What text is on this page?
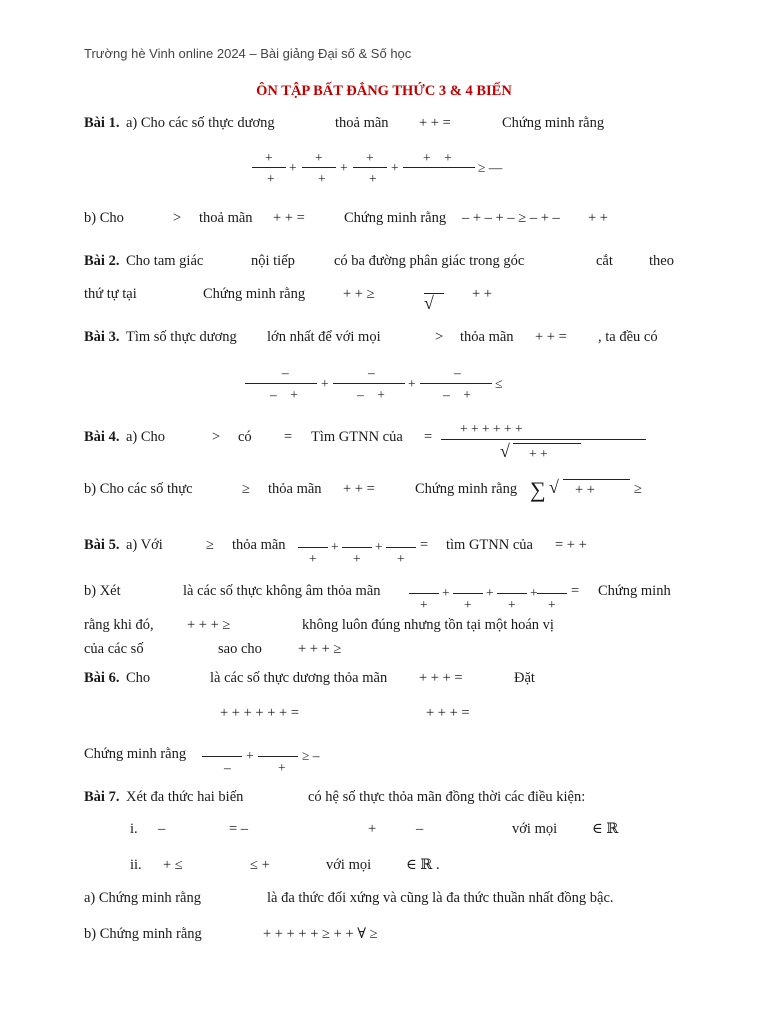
Trường hè Vinh online 2024 – Bài giảng Đại số & Số học
ÔN TẬP BẤT ĐẲNG THỨC 3 & 4 BIẾN
Bài 1. a) Cho các số thực dương	thoả mãn + + =	Chứng minh rằng
+
+
+
+
+
+
+
+
+
+    +
≥ —
b) Cho	> thoả mãn + + =	Chứng minh rằng – + – + – ≥ – + – + +
Bài 2. Cho tam giác	nội tiếp	có ba đường phân giác trong góc	cắt theo
thứ tự tại	Chứng minh rằng	+ + ≥	√	+ +
Bài 3. Tìm số thực dương lớn nhất để với mọi	> thỏa mãn + + = , ta đều có
–
–    +
+
–
–    +
+
–
–    +
≤
Bài 4. a) Cho	> có = Tìm GTNN của =
+ + + + + +
√ + +
b) Cho các số thực	≥ thỏa mãn + + =	Chứng minh rằng ∑ √ + +	≥
Bài 5. a) Với	≥ thỏa mãn
+
+
+
+
+
= tìm GTNN của = + +
b) Xét	là các số thực không âm thỏa mãn
+
+
+
+
+
+
+
= Chứng minh
rằng khi đó, + + + ≥	không luôn đúng nhưng tồn tại một hoán vị
của các số	sao cho + + + ≥
Bài 6. Cho	là các số thực dương thỏa mãn + + + =	Đặt
+ + + + + + =	+ + + =
Chứng minh rằng
–
+
+
≥ –
Bài 7. Xét đa thức hai biến	có hệ số thực thỏa mãn đồng thời các điều kiện:
i. –	= –	+	–	với mọi ∈ ℝ
ii. + ≤	≤ +	với mọi ∈ ℝ .
a) Chứng minh rằng	là đa thức đối xứng và cũng là đa thức thuần nhất đồng bậc.
b) Chứng minh rằng	+ + + + + ≥ + + ∀ ≥
